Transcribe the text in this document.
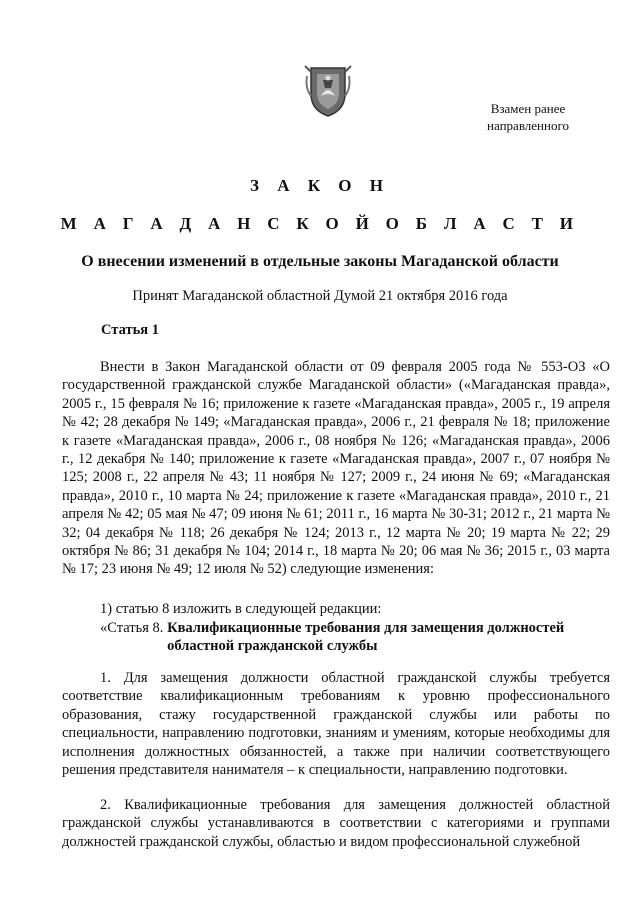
Взамен ранее
направленного
З А К О Н
М А Г А Д А Н С К О Й О Б Л А С Т И
О внесении изменений в отдельные законы Магаданской области
Принят Магаданской областной Думой 21 октября 2016 года
Статья 1
Внести в Закон Магаданской области от 09 февраля 2005 года № 553-ОЗ «О государственной гражданской службе Магаданской области» («Магаданская правда», 2005 г., 15 февраля № 16; приложение к газете «Магаданская правда», 2005 г., 19 апреля № 42; 28 декабря № 149; «Магаданская правда», 2006 г., 21 февраля № 18; приложение к газете «Магаданская правда», 2006 г., 08 ноября № 126; «Магаданская правда», 2006 г., 12 декабря № 140; приложение к газете «Магаданская правда», 2007 г., 07 ноября № 125; 2008 г., 22 апреля № 43; 11 ноября № 127; 2009 г., 24 июня № 69; «Магаданская правда», 2010 г., 10 марта № 24; приложение к газете «Магаданская правда», 2010 г., 21 апреля № 42; 05 мая № 47; 09 июня № 61; 2011 г., 16 марта № 30-31; 2012 г., 21 марта № 32; 04 декабря № 118; 26 декабря № 124; 2013 г., 12 марта № 20; 19 марта № 22; 29 октября № 86; 31 декабря № 104; 2014 г., 18 марта № 20; 06 мая № 36; 2015 г., 03 марта № 17; 23 июня № 49; 12 июля № 52) следующие изменения:
1) статью 8 изложить в следующей редакции:
«Статья 8. Квалификационные требования для замещения должностей
областной гражданской службы
1. Для замещения должности областной гражданской службы требуется соответствие квалификационным требованиям к уровню профессионального образования, стажу государственной гражданской службы или работы по специальности, направлению подготовки, знаниям и умениям, которые необходимы для исполнения должностных обязанностей, а также при наличии соответствующего решения представителя нанимателя – к специальности, направлению подготовки.
2. Квалификационные требования для замещения должностей областной гражданской службы устанавливаются в соответствии с категориями и группами должностей гражданской службы, областью и видом профессиональной служебной
